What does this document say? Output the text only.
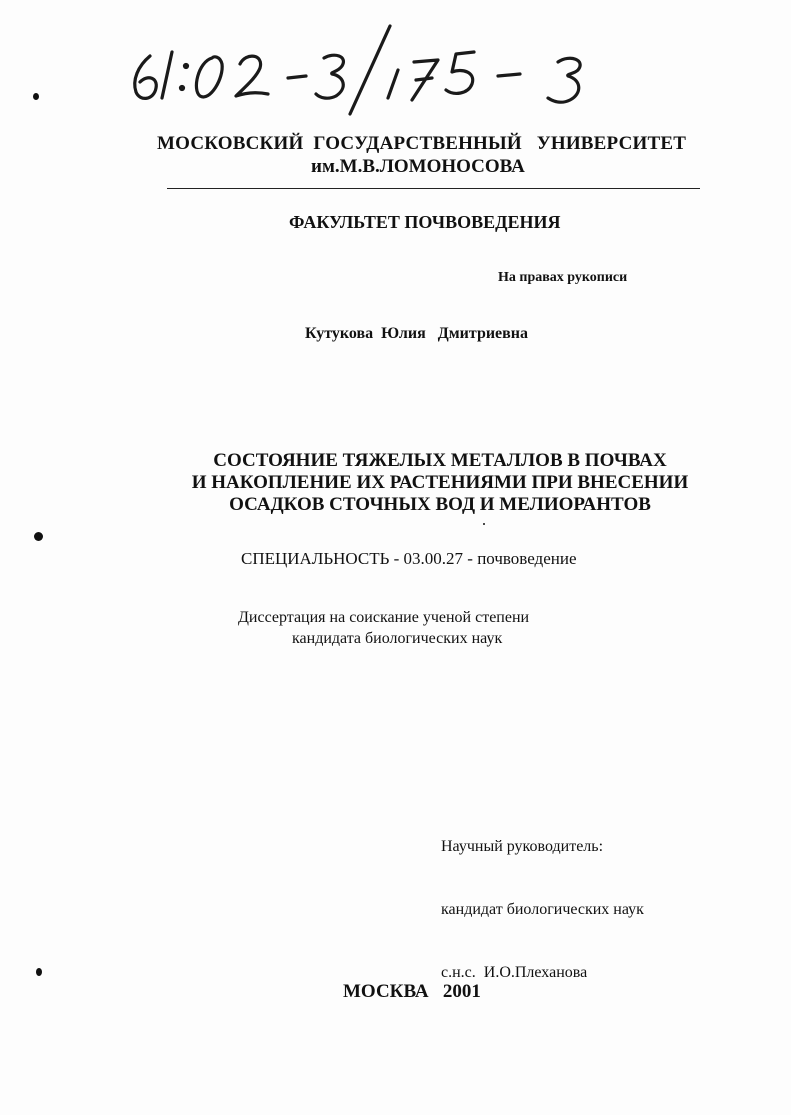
61:02-3/175-3
МОСКОВСКИЙ  ГОСУДАРСТВЕННЫЙ   УНИВЕРСИТЕТ
им.М.В.ЛОМОНОСОВА
ФАКУЛЬТЕТ ПОЧВОВЕДЕНИЯ
На правах рукописи
Кутукова  Юлия   Дмитриевна
СОСТОЯНИЕ ТЯЖЕЛЫХ МЕТАЛЛОВ В ПОЧВАХ
И НАКОПЛЕНИЕ ИХ РАСТЕНИЯМИ ПРИ ВНЕСЕНИИ
ОСАДКОВ СТОЧНЫХ ВОД И МЕЛИОРАНТОВ
СПЕЦИАЛЬНОСТЬ - 03.00.27 - почвоведение
Диссертация на соискание ученой степени
кандидата биологических наук

Научный руководитель:

кандидат биологических наук

с.н.с.  И.О.Плеханова

МОСКВА   2001
